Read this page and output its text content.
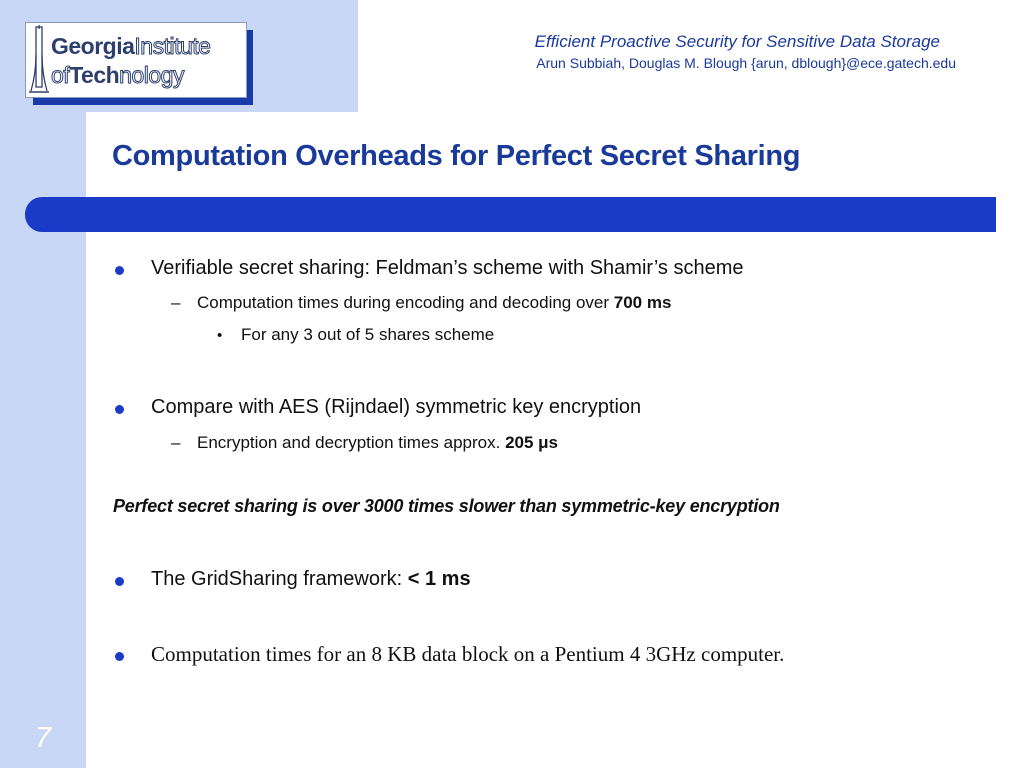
GeorgiaInstitute
ofTechnology
Efficient Proactive Security for Sensitive Data Storage
Arun Subbiah, Douglas M. Blough {arun, dblough}@ece.gatech.edu
Computation Overheads for Perfect Secret Sharing
Verifiable secret sharing: Feldman’s scheme with Shamir’s scheme
– Computation times during encoding and decoding over 700 ms
• For any 3 out of 5 shares scheme
Compare with AES (Rijndael) symmetric key encryption
– Encryption and decryption times approx. 205 μs
Perfect secret sharing is over 3000 times slower than symmetric-key encryption
The GridSharing framework: < 1 ms
Computation times for an 8 KB data block on a Pentium 4 3GHz computer.
7
